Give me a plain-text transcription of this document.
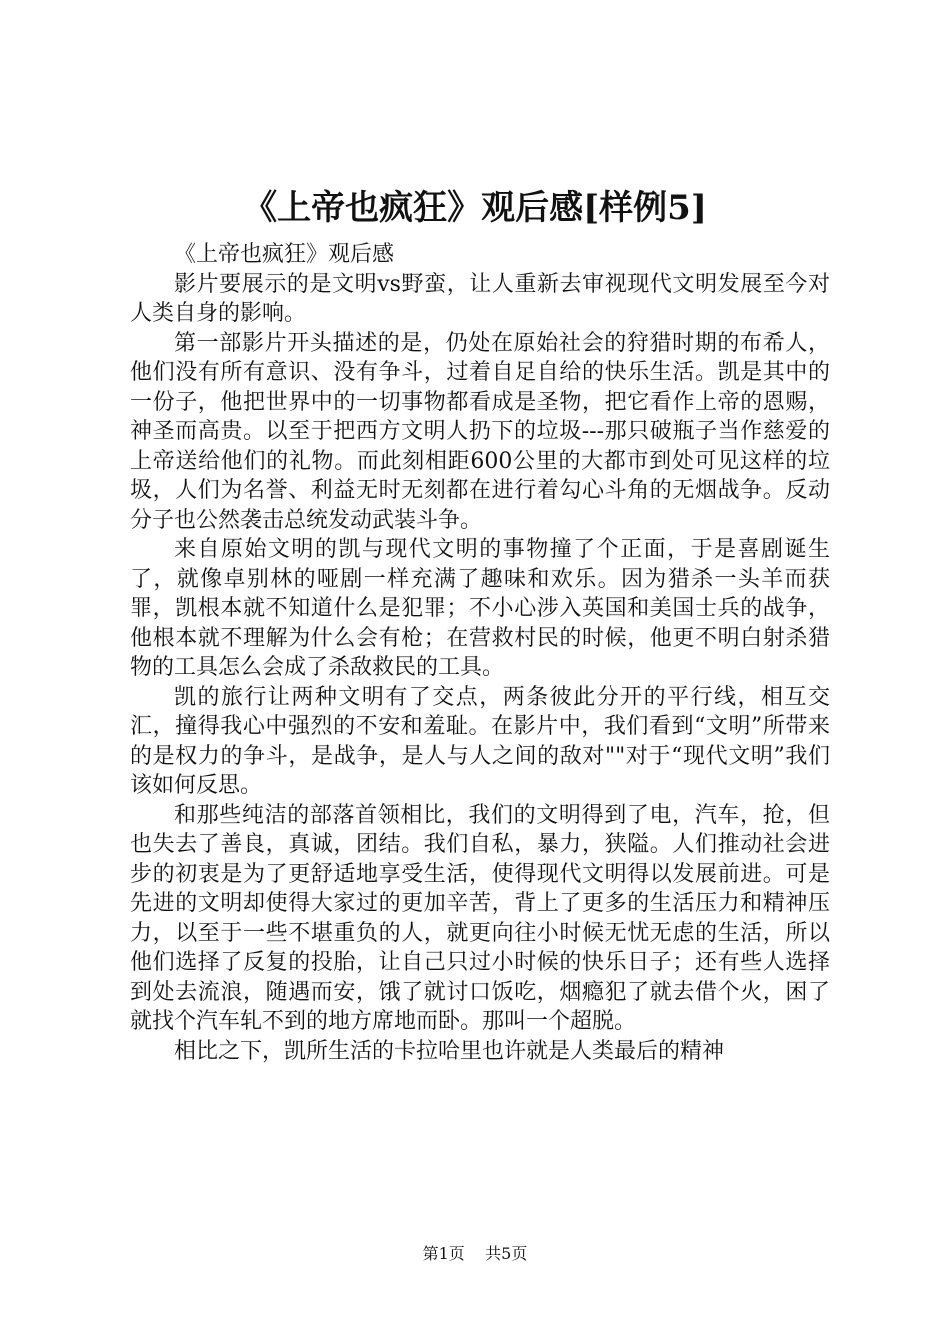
《上帝也疯狂》观后感[样例5]

《上帝也疯狂》观后感

影片要展示的是文明vs野蛮，让人重新去审视现代文明发展至今对人类自身的影响。

第一部影片开头描述的是，仍处在原始社会的狩猎时期的布希人，他们没有所有意识、没有争斗，过着自足自给的快乐生活。凯是其中的一份子，他把世界中的一切事物都看成是圣物，把它看作上帝的恩赐，神圣而高贵。以至于把西方文明人扔下的垃圾---那只破瓶子当作慈爱的上帝送给他们的礼物。而此刻相距600公里的大都市到处可见这样的垃圾，人们为名誉、利益无时无刻都在进行着勾心斗角的无烟战争。反动分子也公然袭击总统发动武装斗争。

来自原始文明的凯与现代文明的事物撞了个正面，于是喜剧诞生了，就像卓别林的哑剧一样充满了趣味和欢乐。因为猎杀一头羊而获罪，凯根本就不知道什么是犯罪；不小心涉入英国和美国士兵的战争，他根本就不理解为什么会有枪；在营救村民的时候，他更不明白射杀猎物的工具怎么会成了杀敌救民的工具。

凯的旅行让两种文明有了交点，两条彼此分开的平行线，相互交汇，撞得我心中强烈的不安和羞耻。在影片中，我们看到“文明”所带来的是权力的争斗，是战争，是人与人之间的敌对""对于“现代文明”我们该如何反思。

和那些纯洁的部落首领相比，我们的文明得到了电，汽车，抢，但也失去了善良，真诚，团结。我们自私，暴力，狭隘。人们推动社会进步的初衷是为了更舒适地享受生活，使得现代文明得以发展前进。可是先进的文明却使得大家过的更加辛苦，背上了更多的生活压力和精神压力，以至于一些不堪重负的人，就更向往小时候无忧无虑的生活，所以他们选择了反复的投胎，让自己只过小时候的快乐日子；还有些人选择到处去流浪，随遇而安，饿了就讨口饭吃，烟瘾犯了就去借个火，困了就找个汽车轧不到的地方席地而卧。那叫一个超脱。

相比之下，凯所生活的卡拉哈里也许就是人类最后的精神

第1页 共5页
